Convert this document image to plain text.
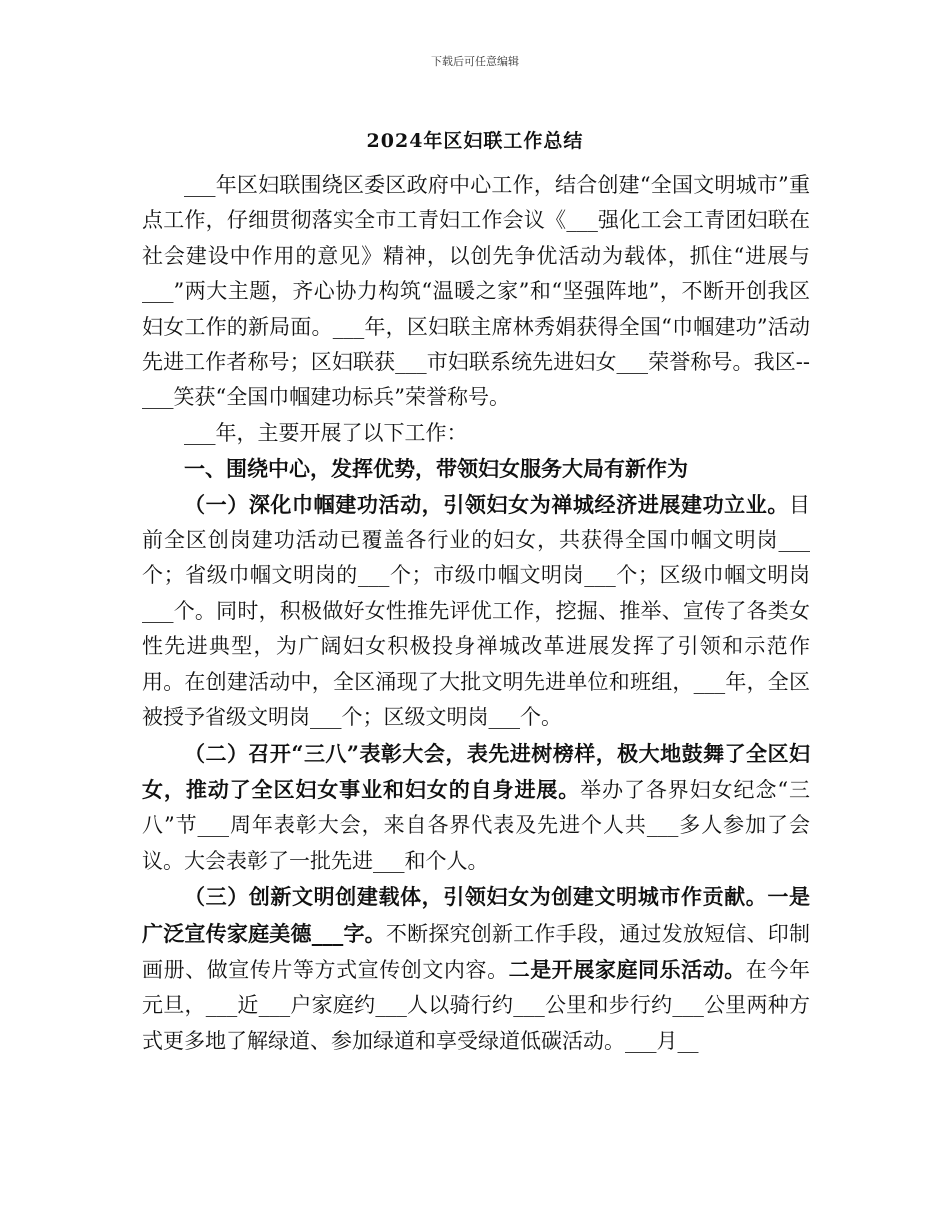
下载后可任意编辑
2024年区妇联工作总结

___年区妇联围绕区委区政府中心工作，结合创建“全国文明城市”重点工作，仔细贯彻落实全市工青妇工作会议《___强化工会工青团妇联在社会建设中作用的意见》精神，以创先争优活动为载体，抓住“进展与___”两大主题，齐心协力构筑“温暖之家”和“坚强阵地”，不断开创我区妇女工作的新局面。___年，区妇联主席林秀娟获得全国“巾帼建功”活动先进工作者称号；区妇联获___市妇联系统先进妇女___荣誉称号。我区--___笑获“全国巾帼建功标兵”荣誉称号。

___年，主要开展了以下工作：

一、围绕中心，发挥优势，带领妇女服务大局有新作为

（一）深化巾帼建功活动，引领妇女为禅城经济进展建功立业。目前全区创岗建功活动已覆盖各行业的妇女，共获得全国巾帼文明岗___个；省级巾帼文明岗的___个；市级巾帼文明岗___个；区级巾帼文明岗___个。同时，积极做好女性推先评优工作，挖掘、推举、宣传了各类女性先进典型，为广阔妇女积极投身禅城改革进展发挥了引领和示范作用。在创建活动中，全区涌现了大批文明先进单位和班组，___年，全区被授予省级文明岗___个；区级文明岗___个。

（二）召开“三八”表彰大会，表先进树榜样，极大地鼓舞了全区妇女，推动了全区妇女事业和妇女的自身进展。举办了各界妇女纪念“三八”节___周年表彰大会，来自各界代表及先进个人共___多人参加了会议。大会表彰了一批先进___和个人。

（三）创新文明创建载体，引领妇女为创建文明城市作贡献。一是广泛宣传家庭美德___字。不断探究创新工作手段，通过发放短信、印制画册、做宣传片等方式宣传创文内容。二是开展家庭同乐活动。在今年元旦，___近___户家庭约___人以骑行约___公里和步行约___公里两种方式更多地了解绿道、参加绿道和享受绿道低碳活动。___月__
